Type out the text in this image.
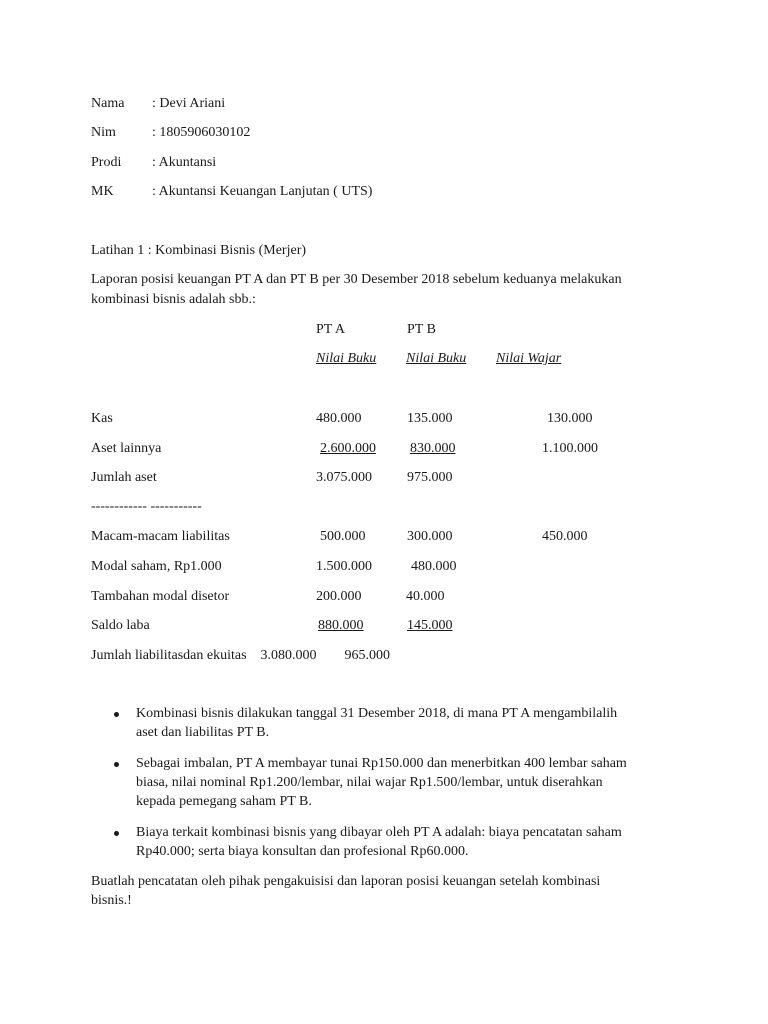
Nama : Devi Ariani
Nim	: 1805906030102
Prodi : Akuntansi
MK	: Akuntansi Keuangan Lanjutan ( UTS)
Latihan 1 : Kombinasi Bisnis (Merjer)
Laporan posisi keuangan PT A dan PT B per 30 Desember 2018 sebelum keduanya melakukan
kombinasi bisnis adalah sbb.:
PT A	PT B
Nilai Buku Nilai Buku Nilai Wajar
Kas	480.000	135.000	130.000
Aset lainnya	2.600.000 830.000	1.100.000
Jumlah aset	3.075.000	975.000
------------ -----------
Macam-macam liabilitas	500.000	300.000	450.000
Modal saham, Rp1.000	1.500.000	480.000
Tambahan modal disetor	200.000	40.000
Saldo laba	880.000	145.000
Jumlah liabilitasdan ekuitas    3.080.000        965.000
Kombinasi bisnis dilakukan tanggal 31 Desember 2018, di mana PT A mengambilalih
aset dan liabilitas PT B.
Sebagai imbalan, PT A membayar tunai Rp150.000 dan menerbitkan 400 lembar saham
biasa, nilai nominal Rp1.200/lembar, nilai wajar Rp1.500/lembar, untuk diserahkan
kepada pemegang saham PT B.
Biaya terkait kombinasi bisnis yang dibayar oleh PT A adalah: biaya pencatatan saham
Rp40.000; serta biaya konsultan dan profesional Rp60.000.
Buatlah pencatatan oleh pihak pengakuisisi dan laporan posisi keuangan setelah kombinasi
bisnis.!
